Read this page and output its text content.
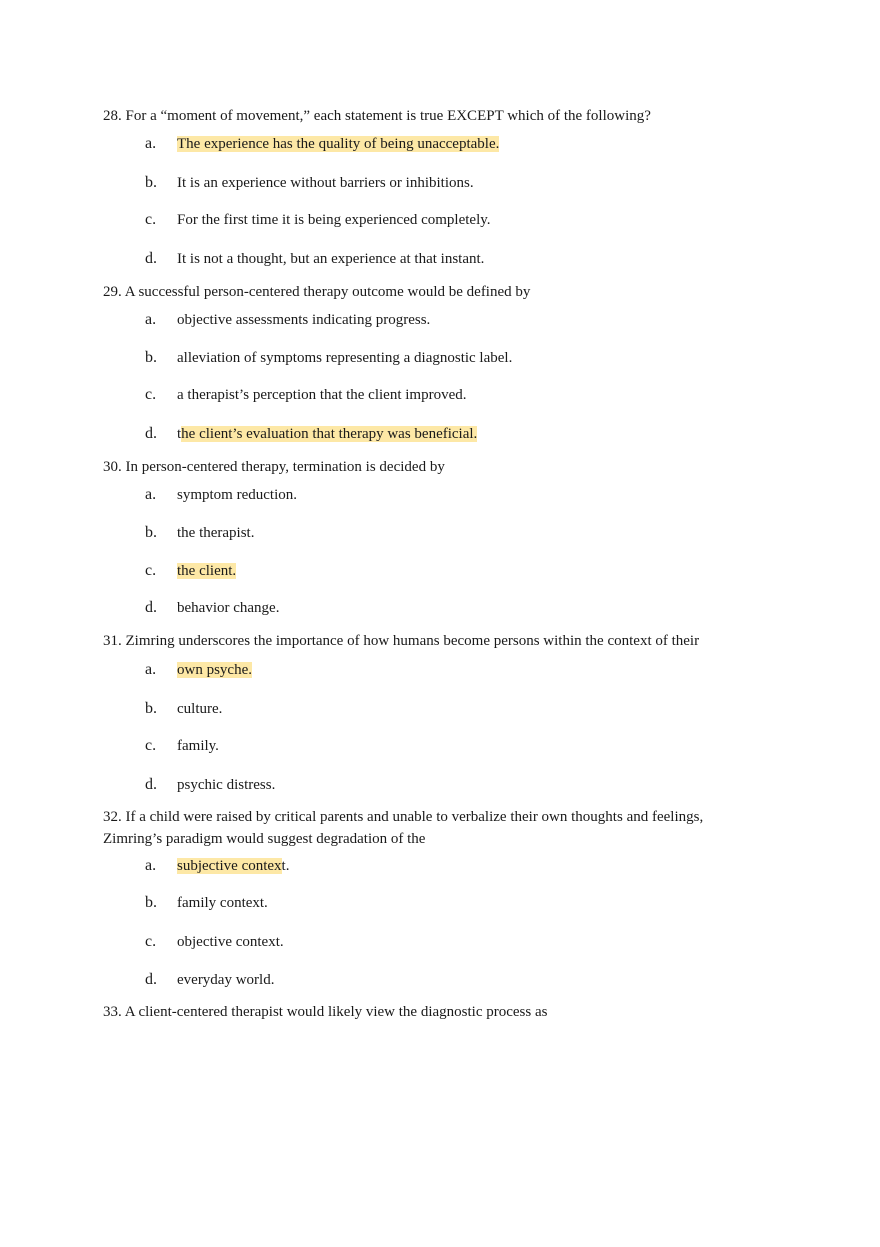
28. For a “moment of movement,” each statement is true EXCEPT which of the following?
a.	The experience has the quality of being unacceptable.
b.	It is an experience without barriers or inhibitions.
c.	For the first time it is being experienced completely.
d.	It is not a thought, but an experience at that instant.
29. A successful person-centered therapy outcome would be defined by
a.	objective assessments indicating progress.
b.	alleviation of symptoms representing a diagnostic label.
c.	a therapist’s perception that the client improved.
d.	the client’s evaluation that therapy was beneficial.
30. In person-centered therapy, termination is decided by
a.	symptom reduction.
b.	the therapist.
c.	the client.
d.	behavior change.
31. Zimring underscores the importance of how humans become persons within the context of their
a.	own psyche.
b.	culture.
c.	family.
d.	psychic distress.
32. If a child were raised by critical parents and unable to verbalize their own thoughts and feelings, Zimring’s paradigm would suggest degradation of the
a.	subjective context.
b.	family context.
c.	objective context.
d.	everyday world.
33. A client-centered therapist would likely view the diagnostic process as
